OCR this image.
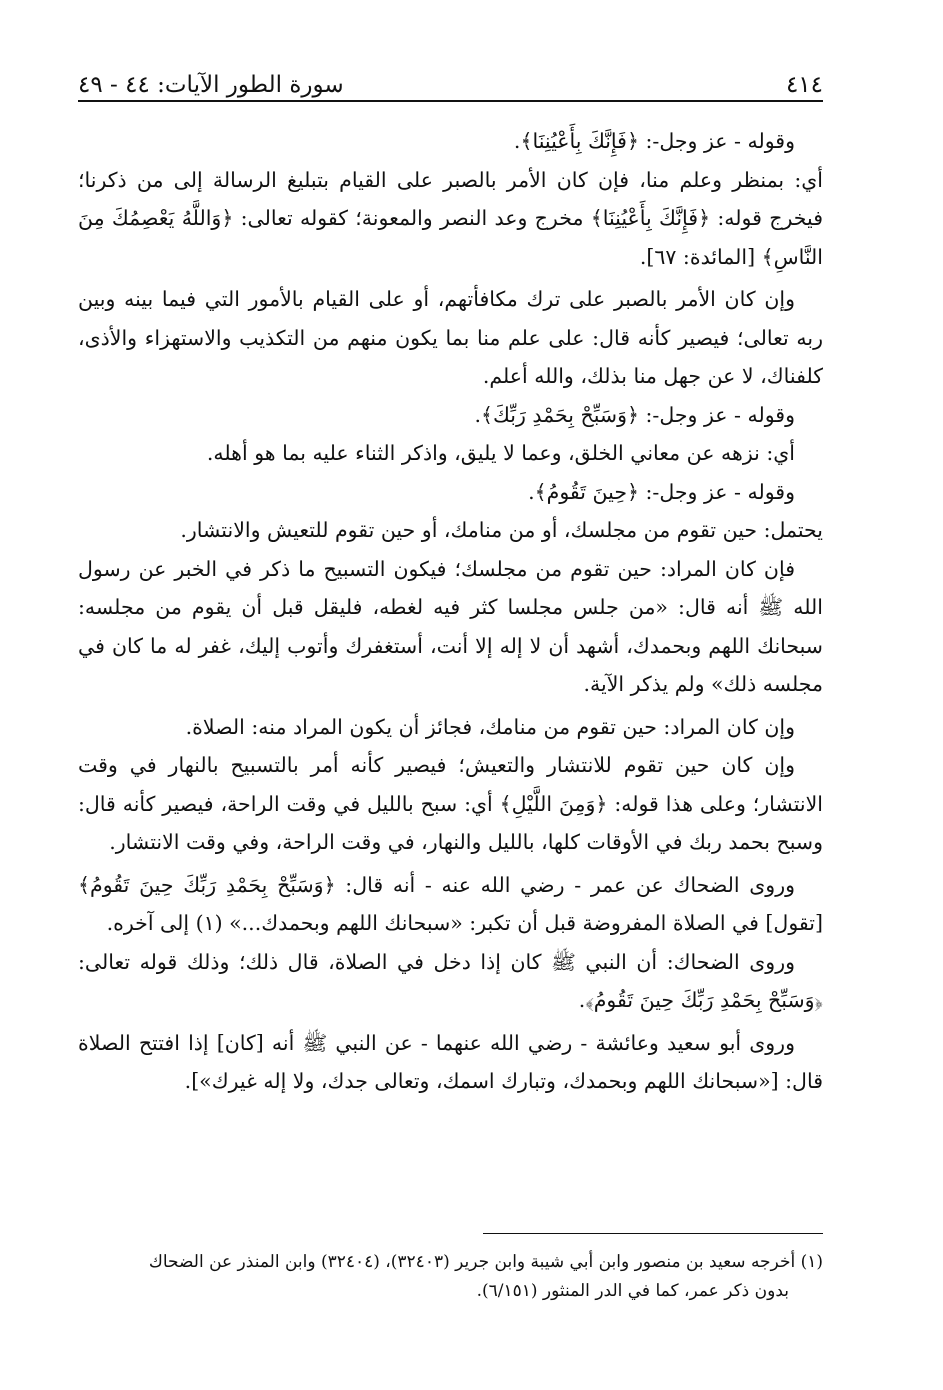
٤١٤
سورة الطور الآيات: ٤٤ - ٤٩

وقوله - عز وجل-: ﴿فَإِنَّكَ بِأَعْيُنِنَا﴾.

أي: بمنظر وعلم منا، فإن كان الأمر بالصبر على القيام بتبليغ الرسالة إلى من ذكرنا؛ فيخرج قوله: ﴿فَإِنَّكَ بِأَعْيُنِنَا﴾ مخرج وعد النصر والمعونة؛ كقوله تعالى: ﴿وَاللَّهُ يَعْصِمُكَ مِنَ النَّاسِ﴾ [المائدة: ٦٧].

وإن كان الأمر بالصبر على ترك مكافأتهم، أو على القيام بالأمور التي فيما بينه وبين ربه تعالى؛ فيصير كأنه قال: على علم منا بما يكون منهم من التكذيب والاستهزاء والأذى، كلفناك، لا عن جهل منا بذلك، والله أعلم.

وقوله - عز وجل-: ﴿وَسَبِّحْ بِحَمْدِ رَبِّكَ﴾.

أي: نزهه عن معاني الخلق، وعما لا يليق، واذكر الثناء عليه بما هو أهله.

وقوله - عز وجل-: ﴿حِينَ تَقُومُ﴾.

يحتمل: حين تقوم من مجلسك، أو من منامك، أو حين تقوم للتعيش والانتشار.

فإن كان المراد: حين تقوم من مجلسك؛ فيكون التسبيح ما ذكر في الخبر عن رسول الله ﷺ أنه قال: «من جلس مجلسا كثر فيه لغطه، فليقل قبل أن يقوم من مجلسه: سبحانك اللهم وبحمدك، أشهد أن لا إله إلا أنت، أستغفرك وأتوب إليك، غفر له ما كان في مجلسه ذلك» ولم يذكر الآية.

وإن كان المراد: حين تقوم من منامك، فجائز أن يكون المراد منه: الصلاة.

وإن كان حين تقوم للانتشار والتعيش؛ فيصير كأنه أمر بالتسبيح بالنهار في وقت الانتشار؛ وعلى هذا قوله: ﴿وَمِنَ اللَّيْلِ﴾ أي: سبح بالليل في وقت الراحة، فيصير كأنه قال: وسبح بحمد ربك في الأوقات كلها، بالليل والنهار، في وقت الراحة، وفي وقت الانتشار.

وروى الضحاك عن عمر - رضي الله عنه - أنه قال: ﴿وَسَبِّحْ بِحَمْدِ رَبِّكَ حِينَ تَقُومُ﴾ [تقول] في الصلاة المفروضة قبل أن تكبر: «سبحانك اللهم وبحمدك...» (١) إلى آخره.

وروى الضحاك: أن النبي ﷺ كان إذا دخل في الصلاة، قال ذلك؛ وذلك قوله تعالى: ﴿وَسَبِّحْ بِحَمْدِ رَبِّكَ حِينَ تَقُومُ﴾.

وروى أبو سعيد وعائشة - رضي الله عنهما - عن النبي ﷺ أنه [كان] إذا افتتح الصلاة قال: [«سبحانك اللهم وبحمدك، وتبارك اسمك، وتعالى جدك، ولا إله غيرك»].

(١) أخرجه سعيد بن منصور وابن أبي شيبة وابن جرير (٣٢٤٠٣)، (٣٢٤٠٤) وابن المنذر عن الضحاك

بدون ذكر عمر، كما في الدر المنثور (٦/١٥١).
